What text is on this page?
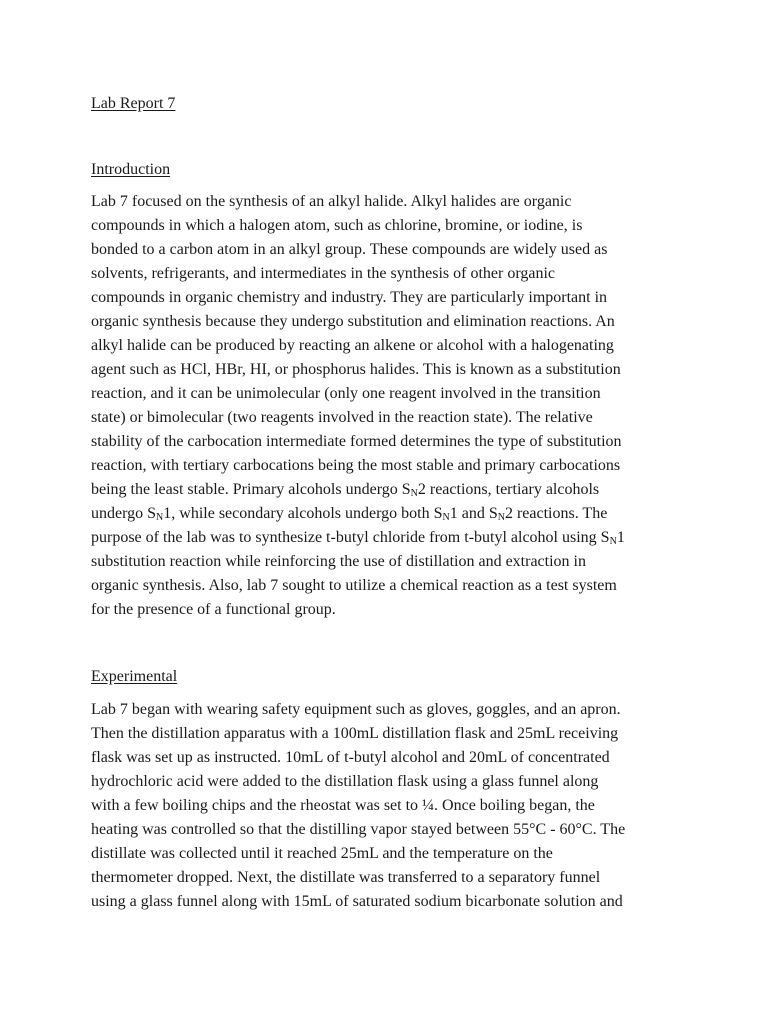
Lab Report 7
Introduction
Lab 7 focused on the synthesis of an alkyl halide. Alkyl halides are organic
compounds in which a halogen atom, such as chlorine, bromine, or iodine, is
bonded to a carbon atom in an alkyl group. These compounds are widely used as
solvents, refrigerants, and intermediates in the synthesis of other organic
compounds in organic chemistry and industry. They are particularly important in
organic synthesis because they undergo substitution and elimination reactions. An
alkyl halide can be produced by reacting an alkene or alcohol with a halogenating
agent such as HCl, HBr, HI, or phosphorus halides. This is known as a substitution
reaction, and it can be unimolecular (only one reagent involved in the transition
state) or bimolecular (two reagents involved in the reaction state). The relative
stability of the carbocation intermediate formed determines the type of substitution
reaction, with tertiary carbocations being the most stable and primary carbocations
being the least stable. Primary alcohols undergo $S_N2$ reactions, tertiary alcohols
undergo $S_N1$, while secondary alcohols undergo both $S_N1$ and $S_N2$ reactions. The
purpose of the lab was to synthesize t-butyl chloride from t-butyl alcohol using $S_N1$
substitution reaction while reinforcing the use of distillation and extraction in
organic synthesis. Also, lab 7 sought to utilize a chemical reaction as a test system
for the presence of a functional group.
Experimental
Lab 7 began with wearing safety equipment such as gloves, goggles, and an apron.
Then the distillation apparatus with a 100mL distillation flask and 25mL receiving
flask was set up as instructed. 10mL of t-butyl alcohol and 20mL of concentrated
hydrochloric acid were added to the distillation flask using a glass funnel along
with a few boiling chips and the rheostat was set to ¼. Once boiling began, the
heating was controlled so that the distilling vapor stayed between 55°C - 60°C. The
distillate was collected until it reached 25mL and the temperature on the
thermometer dropped. Next, the distillate was transferred to a separatory funnel
using a glass funnel along with 15mL of saturated sodium bicarbonate solution and
